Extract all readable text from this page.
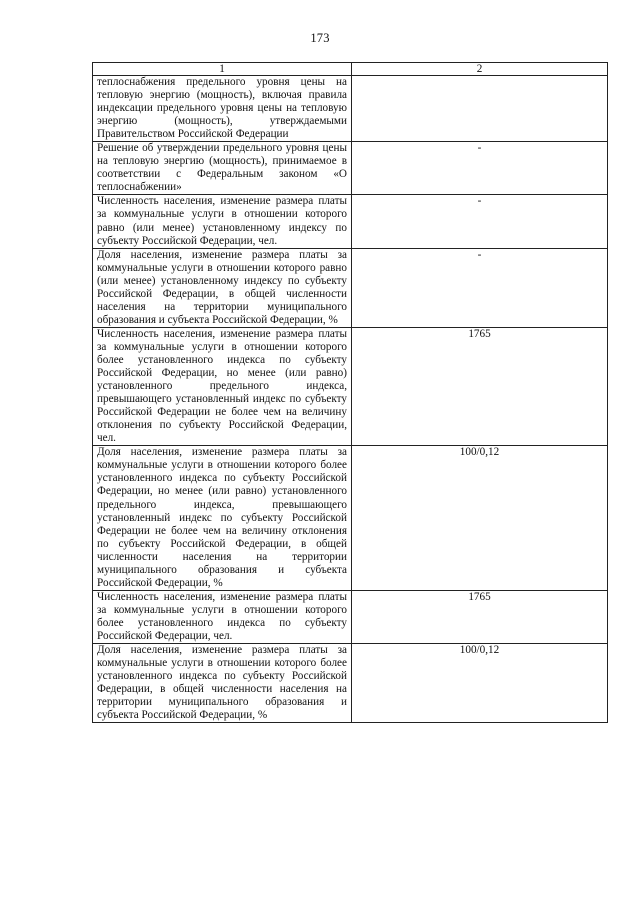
173
1	2
теплоснабжения предельного уровня цены на тепловую энергию (мощность), включая правила индексации предельного уровня цены на тепловую энергию (мощность), утверждаемыми Правительством Российской Федерации	
Решение об утверждении предельного уровня цены на тепловую энергию (мощность), принимаемое в соответствии с Федеральным законом «О теплоснабжении»	-
Численность населения, изменение размера платы за коммунальные услуги в отношении которого равно (или менее) установленному индексу по субъекту Российской Федерации, чел.	-
Доля населения, изменение размера платы за коммунальные услуги в отношении которого равно (или менее) установленному индексу по субъекту Российской Федерации, в общей численности населения на территории муниципального образования и субъекта Российской Федерации, %	-
Численность населения, изменение размера платы за коммунальные услуги в отношении которого более установленного индекса по субъекту Российской Федерации, но менее (или равно) установленного предельного индекса, превышающего установленный индекс по субъекту Российской Федерации не более чем на величину отклонения по субъекту Российской Федерации, чел.	1765
Доля населения, изменение размера платы за коммунальные услуги в отношении которого более установленного индекса по субъекту Российской Федерации, но менее (или равно) установленного предельного индекса, превышающего установленный индекс по субъекту Российской Федерации не более чем на величину отклонения по субъекту Российской Федерации, в общей численности населения на территории муниципального образования и субъекта Российской Федерации, %	100/0,12
Численность населения, изменение размера платы за коммунальные услуги в отношении которого более установленного индекса по субъекту Российской Федерации, чел.	1765
Доля населения, изменение размера платы за коммунальные услуги в отношении которого более установленного индекса по субъекту Российской Федерации, в общей численности населения на территории муниципального образования и субъекта Российской Федерации, %	100/0,12
